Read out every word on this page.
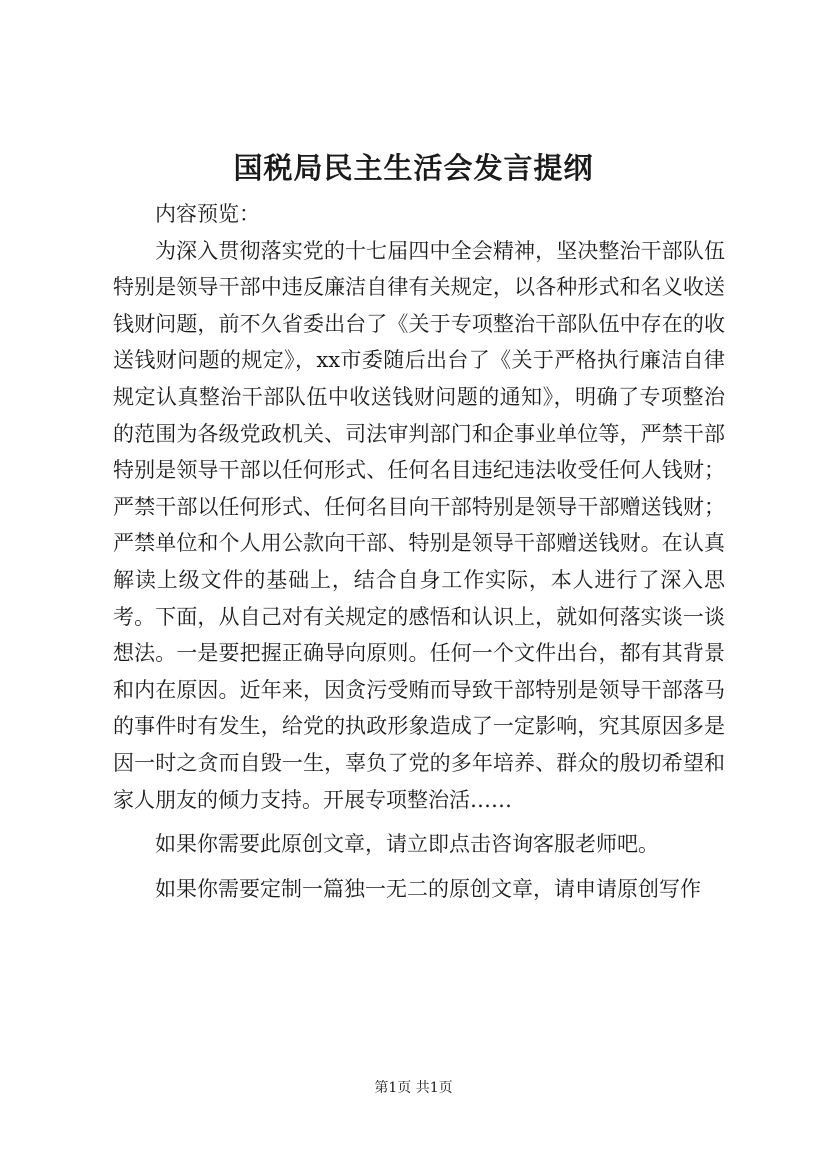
国税局民主生活会发言提纲

内容预览：

为深入贯彻落实党的十七届四中全会精神，坚决整治干部队伍特别是领导干部中违反廉洁自律有关规定，以各种形式和名义收送钱财问题，前不久省委出台了《关于专项整治干部队伍中存在的收送钱财问题的规定》，xx市委随后出台了《关于严格执行廉洁自律规定认真整治干部队伍中收送钱财问题的通知》，明确了专项整治的范围为各级党政机关、司法审判部门和企事业单位等，严禁干部特别是领导干部以任何形式、任何名目违纪违法收受任何人钱财；严禁干部以任何形式、任何名目向干部特别是领导干部赠送钱财；严禁单位和个人用公款向干部、特别是领导干部赠送钱财。在认真解读上级文件的基础上，结合自身工作实际，本人进行了深入思考。下面，从自己对有关规定的感悟和认识上，就如何落实谈一谈想法。一是要把握正确导向原则。任何一个文件出台，都有其背景和内在原因。近年来，因贪污受贿而导致干部特别是领导干部落马的事件时有发生，给党的执政形象造成了一定影响，究其原因多是因一时之贪而自毁一生，辜负了党的多年培养、群众的殷切希望和家人朋友的倾力支持。开展专项整治活……

如果你需要此原创文章，请立即点击咨询客服老师吧。

如果你需要定制一篇独一无二的原创文章，请申请原创写作

第1页 共1页
